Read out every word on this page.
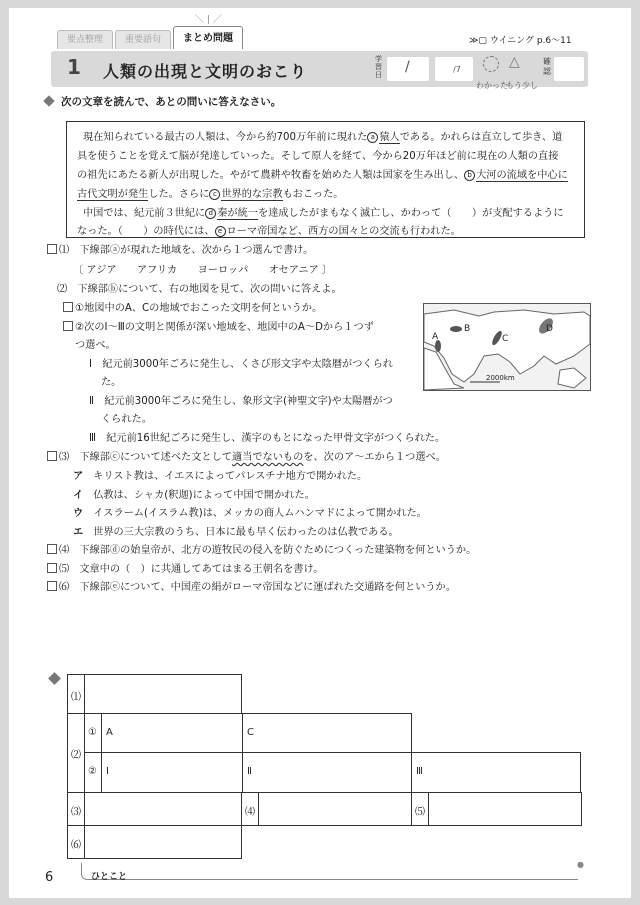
要点整理	重要語句	まとめ問題
＼ | ／
≫▢ ウイニング p.6～11
1 人類の出現と文明のおこり
学習日 /	/7
わかった
△
もう少し
確認
次の文章を読んで、あとの問いに答えなさい。
現在知られている最古の人類は、今から約700万年前に現れた a 猿人である。かれらは直立して歩き、道
具を使うことを覚えて脳が発達していった。そして原人を経て、今から20万年ほど前に現在の人類の直接
の祖先にあたる新人が出現した。やがて農耕や牧畜を始めた人類は国家を生み出し、 b 大河の流域を中心に
古代文明が発生した。さらに c 世界的な宗教もおこった。
中国では、紀元前３世紀に d 秦が統一を達成したがまもなく滅亡し、かわって（　　）が支配するように
なった。（　　）の時代には、 e ローマ帝国など、西方の国々との交流も行われた。
⑴　下線部ⓐが現れた地域を、次から１つ選んで書け。
〔 アジア　　アフリカ　　ヨーロッパ　　オセアニア 〕
⑵　下線部ⓑについて、右の地図を見て、次の問いに答えよ。
①地図中のA、Cの地域でおこった文明を何というか。
②次のⅠ～Ⅲの文明と関係が深い地域を、地図中のA～Dから１つず
つ選べ。
Ⅰ　紀元前3000年ごろに発生し、くさび形文字や太陰暦がつくられ
た。
Ⅱ　紀元前3000年ごろに発生し、象形文字(神聖文字)や太陽暦がつ
くられた。
Ⅲ　紀元前16世紀ごろに発生し、漢字のもとになった甲骨文字がつくられた。
⑶　下線部ⓒについて述べた文として適当でないものを、次のア～エから１つ選べ。
ア キリスト教は、イエスによってパレスチナ地方で開かれた。
イ 仏教は、シャカ(釈迦)によって中国で開かれた。
ウ イスラーム(イスラム教)は、メッカの商人ムハンマドによって開かれた。
エ 世界の三大宗教のうち、日本に最も早く伝わったのは仏教である。
⑷　下線部ⓓの始皇帝が、北方の遊牧民の侵入を防ぐためにつくった建築物を何というか。
⑸　文章中の（　）に共通してあてはまる王朝名を書け。
⑹　下線部ⓔについて、中国産の絹がローマ帝国などに運ばれた交通路を何というか。
A
B
C
D
2000km
⑴
⑵
① A	C
② Ⅰ	Ⅱ	Ⅲ
⑶	⑷	⑸
⑹
6	ひとこと
●
